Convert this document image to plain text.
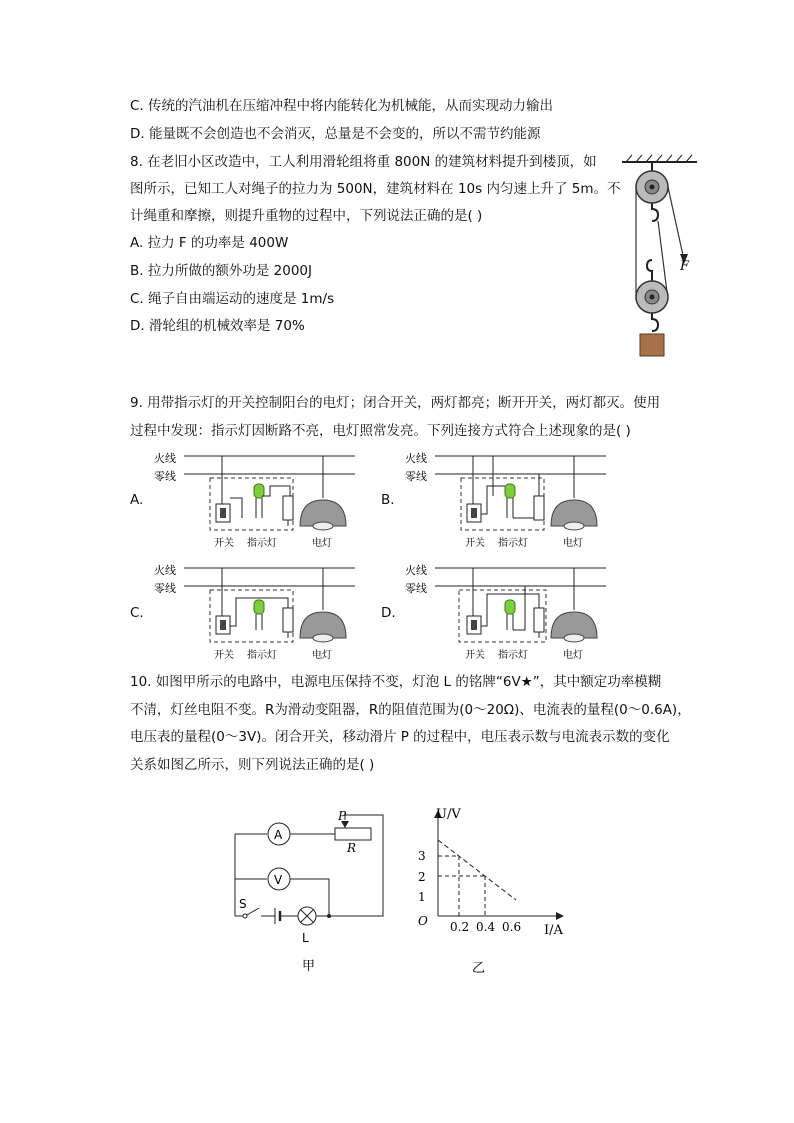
C. 传统的汽油机在压缩冲程中将内能转化为机械能，从而实现动力输出
D. 能量既不会创造也不会消灭，总量是不会变的，所以不需节约能源
8. 在老旧小区改造中，工人利用滑轮组将重 800N 的建筑材料提升到楼顶，如
图所示，已知工人对绳子的拉力为 500N，建筑材料在 10s 内匀速上升了 5m。不
计绳重和摩擦，则提升重物的过程中，下列说法正确的是( )
A. 拉力 F 的功率是 400W
B. 拉力所做的额外功是 2000J
C. 绳子自由端运动的速度是 1m/s
D. 滑轮组的机械效率是 70%
F
9. 用带指示灯的开关控制阳台的电灯；闭合开关，两灯都亮；断开开关，两灯都灭。使用
过程中发现：指示灯因断路不亮，电灯照常发亮。下列连接方式符合上述现象的是( )
A.	B.
C.	D.
火线
零线
开关 指示灯	电灯
火线
零线
开关 指示灯	电灯
火线
零线
开关 指示灯	电灯
火线
零线
开关 指示灯	电灯
10. 如图甲所示的电路中，电源电压保持不变，灯泡 L 的铭牌“6V★”，其中额定功率模糊
不清，灯丝电阻不变。R为滑动变阻器，R的阻值范围为(0～20Ω)、电流表的量程(0～0.6A)，
电压表的量程(0～3V)。闭合开关，移动滑片 P 的过程中，电压表示数与电流表示数的变化
关系如图乙所示，则下列说法正确的是( )
A
P
R
V
S
L
甲
U/V
I/A
O
1
2
3
0.2 0.4 0.6
乙
